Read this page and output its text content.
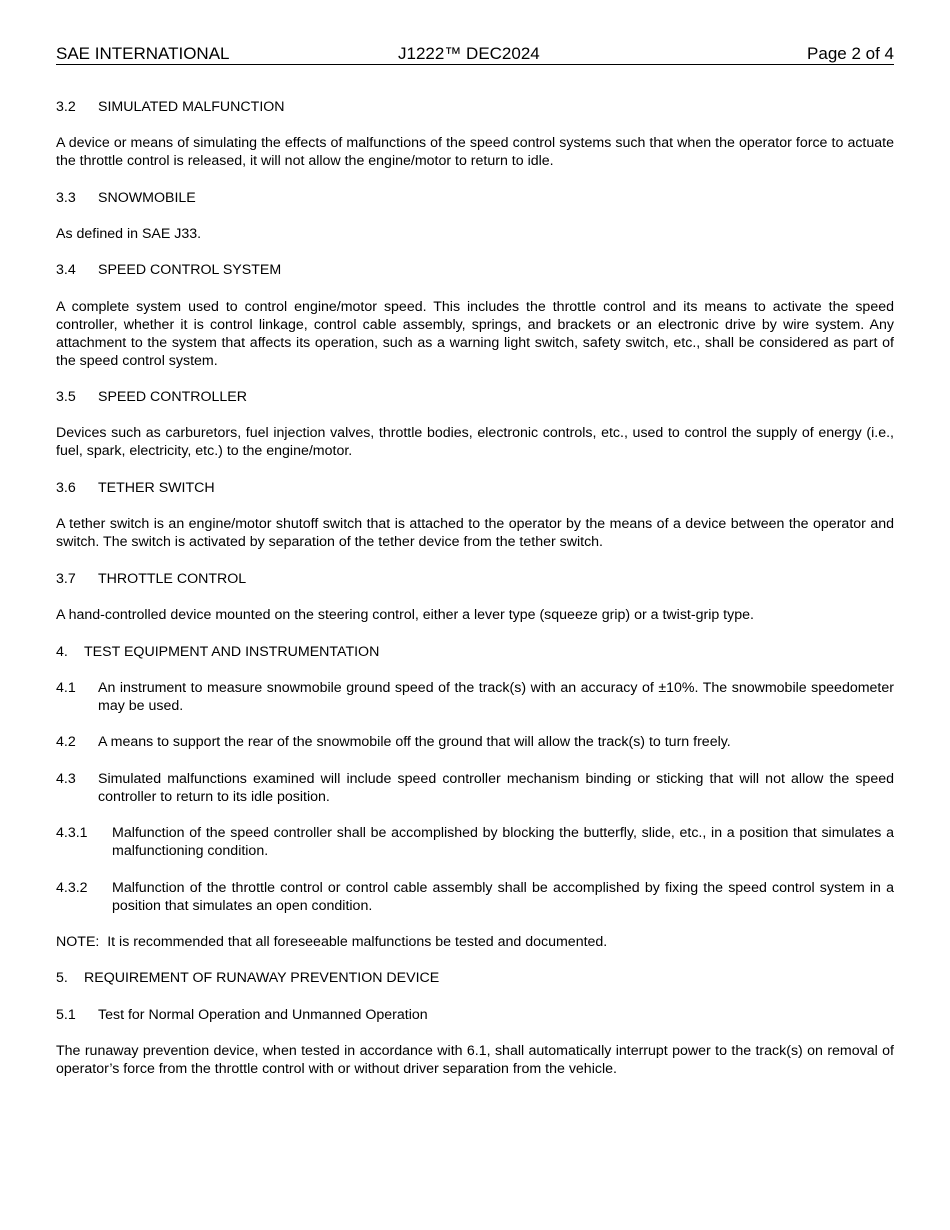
SAE INTERNATIONAL	J1222™ DEC2024	Page 2 of 4
3.2 SIMULATED MALFUNCTION
A device or means of simulating the effects of malfunctions of the speed control systems such that when the operator force to actuate the throttle control is released, it will not allow the engine/motor to return to idle.
3.3 SNOWMOBILE
As defined in SAE J33.
3.4 SPEED CONTROL SYSTEM
A complete system used to control engine/motor speed. This includes the throttle control and its means to activate the speed controller, whether it is control linkage, control cable assembly, springs, and brackets or an electronic drive by wire system. Any attachment to the system that affects its operation, such as a warning light switch, safety switch, etc., shall be considered as part of the speed control system.
3.5 SPEED CONTROLLER
Devices such as carburetors, fuel injection valves, throttle bodies, electronic controls, etc., used to control the supply of energy (i.e., fuel, spark, electricity, etc.) to the engine/motor.
3.6 TETHER SWITCH
A tether switch is an engine/motor shutoff switch that is attached to the operator by the means of a device between the operator and switch. The switch is activated by separation of the tether device from the tether switch.
3.7 THROTTLE CONTROL
A hand-controlled device mounted on the steering control, either a lever type (squeeze grip) or a twist-grip type.
4. TEST EQUIPMENT AND INSTRUMENTATION
4.1 An instrument to measure snowmobile ground speed of the track(s) with an accuracy of ±10%. The snowmobile speedometer may be used.
4.2 A means to support the rear of the snowmobile off the ground that will allow the track(s) to turn freely.
4.3 Simulated malfunctions examined will include speed controller mechanism binding or sticking that will not allow the speed controller to return to its idle position.
4.3.1 Malfunction of the speed controller shall be accomplished by blocking the butterfly, slide, etc., in a position that simulates a malfunctioning condition.
4.3.2 Malfunction of the throttle control or control cable assembly shall be accomplished by fixing the speed control system in a position that simulates an open condition.
NOTE:  It is recommended that all foreseeable malfunctions be tested and documented.
5. REQUIREMENT OF RUNAWAY PREVENTION DEVICE
5.1 Test for Normal Operation and Unmanned Operation
The runaway prevention device, when tested in accordance with 6.1, shall automatically interrupt power to the track(s) on removal of operator’s force from the throttle control with or without driver separation from the vehicle.
